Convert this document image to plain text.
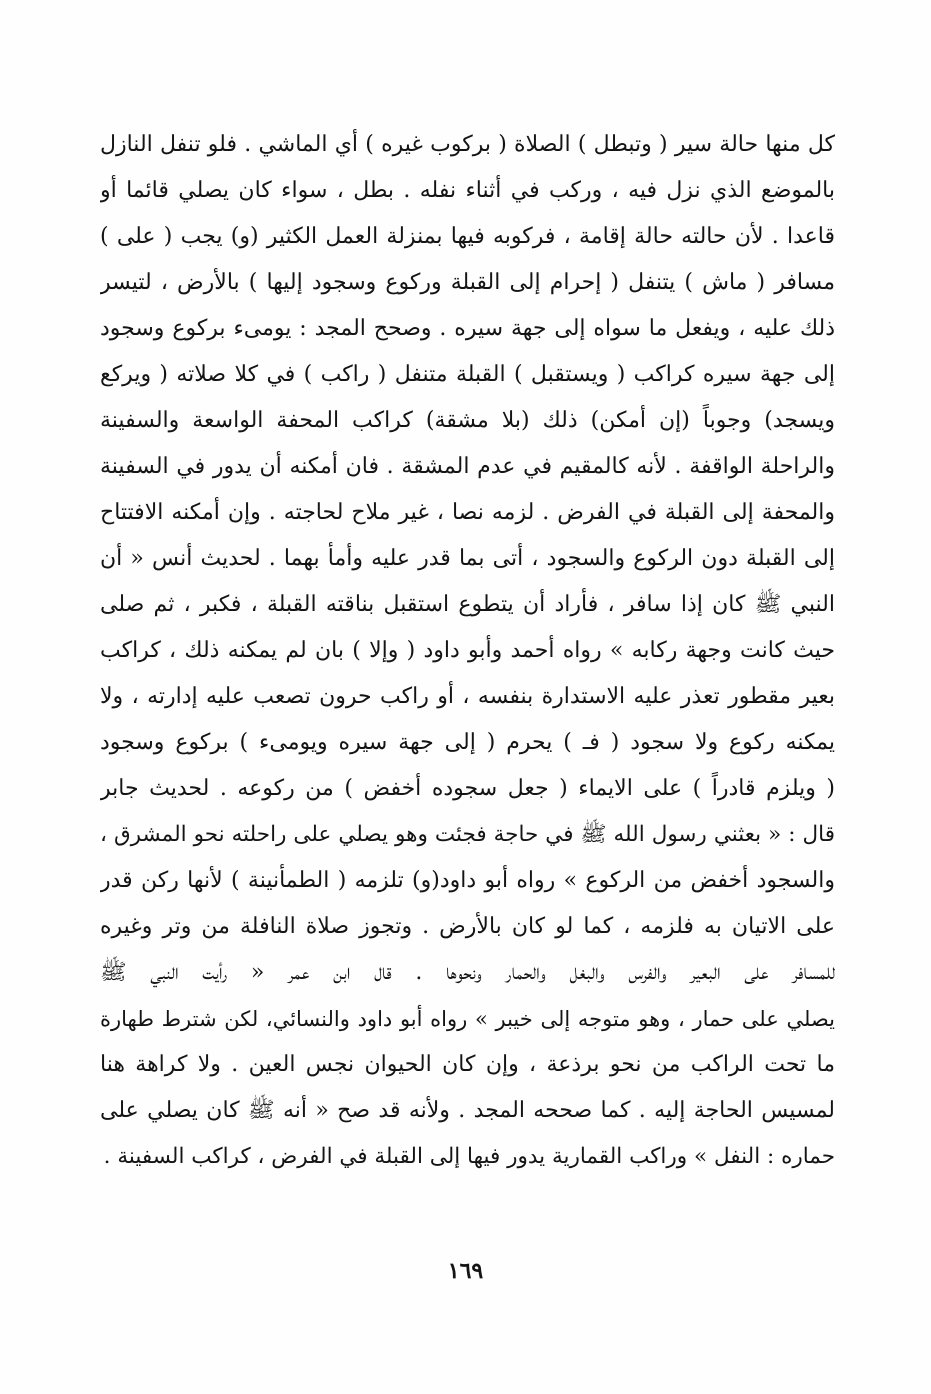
كل منها حالة سير ( وتبطل ) الصلاة ( بركوب غيره ) أي الماشي . فلو تنفل النازل
بالموضع الذي نزل فيه ، وركب في أثناء نفله . بطل ، سواء كان يصلي قائما أو
قاعدا . لأن حالته حالة إقامة ، فركوبه فيها بمنزلة العمل الكثير (و) يجب ( على )
مسافر ( ماش ) يتنفل ( إحرام إلى القبلة وركوع وسجود إليها ) بالأرض ، لتيسر
ذلك عليه ، ويفعل ما سواه إلى جهة سيره . وصحح المجد : يومىء بركوع وسجود
إلى جهة سيره كراكب ( ويستقبل ) القبلة متنفل ( راكب ) في كلا صلاته ( ويركع
ويسجد) وجوباً (إن أمكن) ذلك (بلا مشقة) كراكب المحفة الواسعة والسفينة
والراحلة الواقفة . لأنه كالمقيم في عدم المشقة . فان أمكنه أن يدور في السفينة
والمحفة إلى القبلة في الفرض . لزمه نصا ، غير ملاح لحاجته . وإن أمكنه الافتتاح
إلى القبلة دون الركوع والسجود ، أتى بما قدر عليه وأمأ بهما . لحديث أنس « أن
النبي ﷺ كان إذا سافر ، فأراد أن يتطوع استقبل بناقته القبلة ، فكبر ، ثم صلى
حيث كانت وجهة ركابه » رواه أحمد وأبو داود ( وإلا ) بان لم يمكنه ذلك ، كراكب
بعير مقطور تعذر عليه الاستدارة بنفسه ، أو راكب حرون تصعب عليه إدارته ، ولا
يمكنه ركوع ولا سجود ( فـ ) يحرم ( إلى جهة سيره ويومىء ) بركوع وسجود
( ويلزم قادراً ) على الايماء ( جعل سجوده أخفض ) من ركوعه . لحديث جابر
قال : « بعثني رسول الله ﷺ في حاجة فجئت وهو يصلي على راحلته نحو المشرق ،
والسجود أخفض من الركوع » رواه أبو داود(و) تلزمه ( الطمأنينة ) لأنها ركن قدر
على الاتيان به فلزمه ، كما لو كان بالأرض . وتجوز صلاة النافلة من وتر وغيره
للمسافر على البعير والفرس والبغل والحمار ونحوها . قال ابن عمر « رأيت النبي ﷺ
يصلي على حمار ، وهو متوجه إلى خيبر » رواه أبو داود والنسائي، لكن شترط طهارة
ما تحت الراكب من نحو برذعة ، وإن كان الحيوان نجس العين . ولا كراهة هنا
لمسيس الحاجة إليه . كما صححه المجد . ولأنه قد صح « أنه ﷺ كان يصلي على
حماره : النفل » وراكب القمارية يدور فيها إلى القبلة في الفرض ، كراكب السفينة .
١٦٩
